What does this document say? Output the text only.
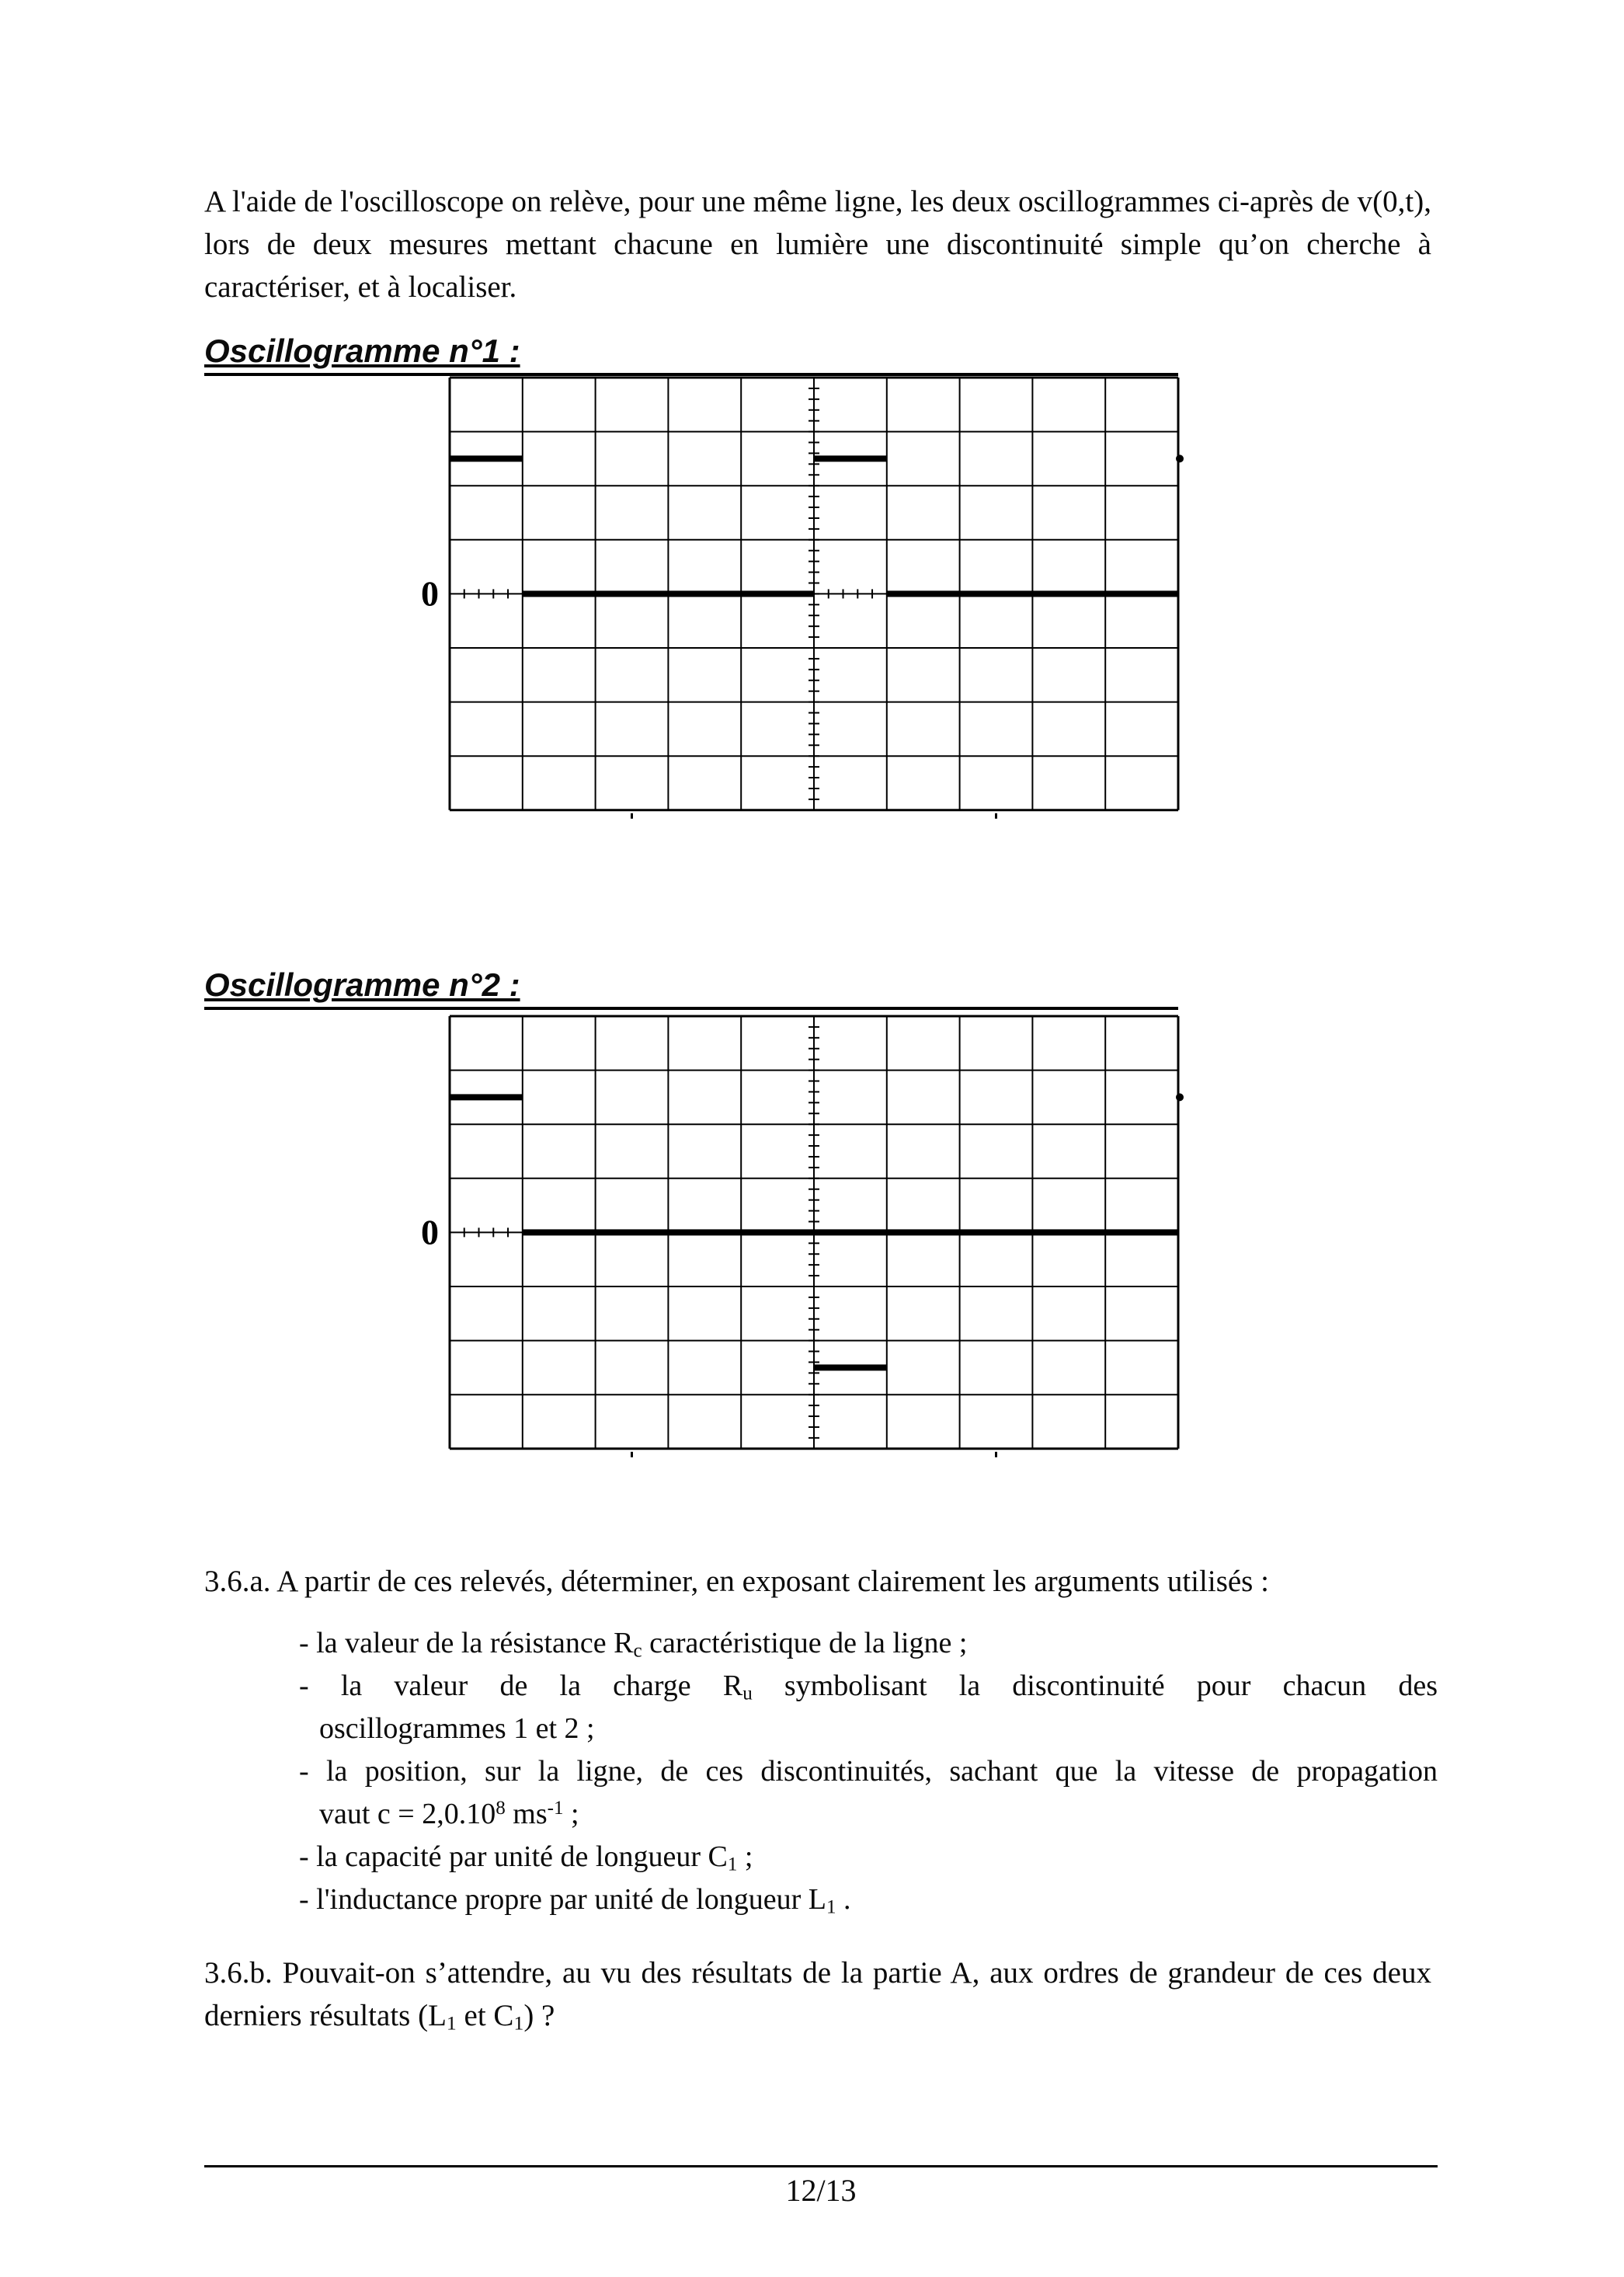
A l'aide de l'oscilloscope on relève, pour une même ligne, les deux oscillogrammes ci-après de v(0,t), lors de deux mesures mettant chacune en lumière une discontinuité simple qu’on cherche à caractériser, et à localiser.

Oscillogramme n°1 :
0
Oscillogramme n°2 :
0

3.6.a. A partir de ces relevés, déterminer, en exposant clairement les arguments utilisés :

- la valeur de la résistance $R_c$ caractéristique de la ligne ;

- la valeur de la charge $R_u$ symbolisant la discontinuité pour chacun des

oscillogrammes 1 et 2 ;

- la position, sur la ligne, de ces discontinuités, sachant que la vitesse de propagation

vaut $c = 2,0.10^8$ $ms^{-1}$ ;

- la capacité par unité de longueur $C_1$ ;

- l'inductance propre par unité de longueur $L_1$ .

3.6.b. Pouvait-on s’attendre, au vu des résultats de la partie A, aux ordres de grandeur de ces deux derniers résultats ($L_1$ et $C_1$) ?

12/13
